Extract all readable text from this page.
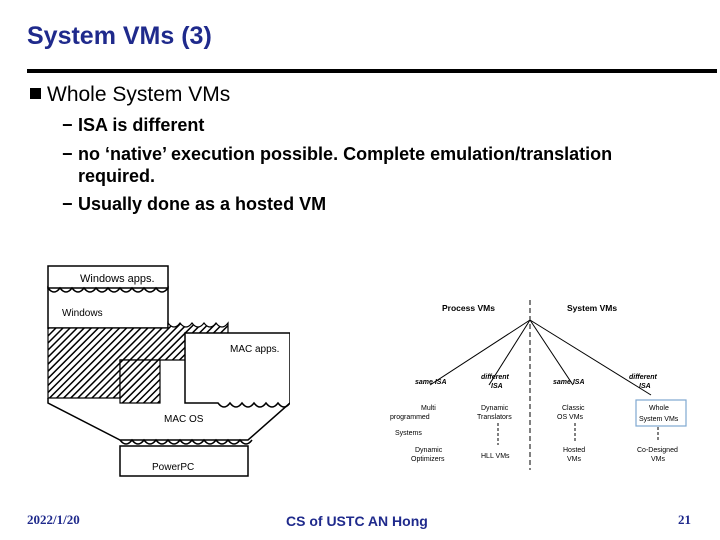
System VMs (3)
Whole System VMs
− ISA is different
− no ‘native’ execution possible. Complete emulation/translation
required.
− Usually done as a hosted VM
Windows apps.
Windows
MAC apps.
MAC OS
PowerPC
Process VMs	System VMs
same ISA
different
ISA
same ISA
different
ISA
Multi
programmed
Systems
Dynamic
Translators
Classic
OS VMs
Whole
System VMs
Dynamic
Optimizers	HLL VMs
Hosted
VMs
Co-Designed
VMs
2022/1/20	CS of USTC AN Hong	21
